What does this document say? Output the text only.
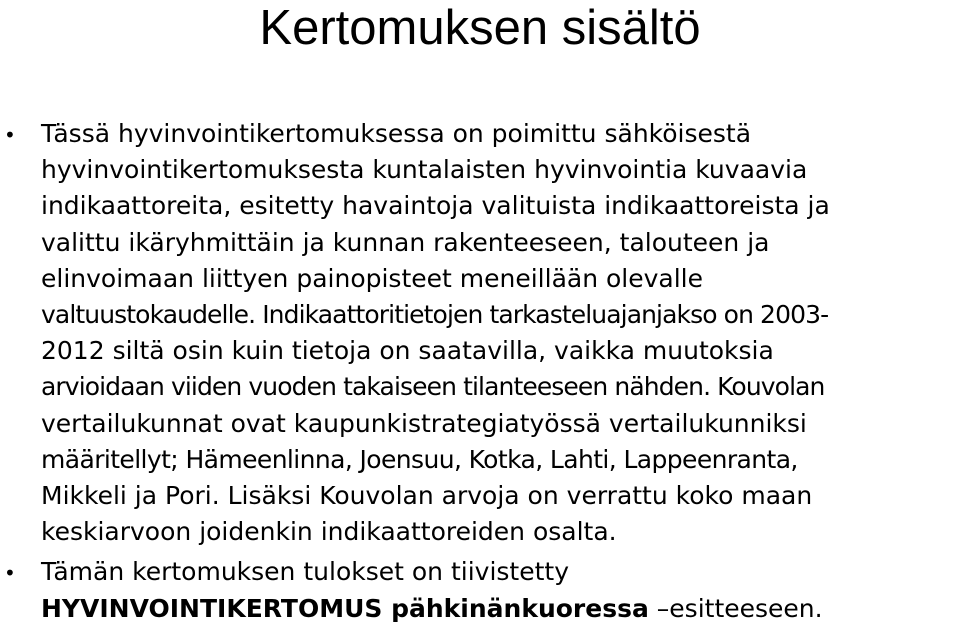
Kertomuksen sisältö
• Tässä hyvinvointikertomuksessa on poimittu sähköisestä
hyvinvointikertomuksesta kuntalaisten hyvinvointia kuvaavia
indikaattoreita, esitetty havaintoja valituista indikaattoreista ja
valittu ikäryhmittäin ja kunnan rakenteeseen, talouteen ja
elinvoimaan liittyen painopisteet meneillään olevalle
valtuustokaudelle. Indikaattoritietojen tarkasteluajanjakso on 2003-
2012 siltä osin kuin tietoja on saatavilla, vaikka muutoksia
arvioidaan viiden vuoden takaiseen tilanteeseen nähden. Kouvolan
vertailukunnat ovat kaupunkistrategiatyössä vertailukunniksi
määritellyt; Hämeenlinna, Joensuu, Kotka, Lahti, Lappeenranta,
Mikkeli ja Pori. Lisäksi Kouvolan arvoja on verrattu koko maan
keskiarvoon joidenkin indikaattoreiden osalta.
• Tämän kertomuksen tulokset on tiivistetty
HYVINVOINTIKERTOMUS pähkinänkuoressa –esitteeseen.
